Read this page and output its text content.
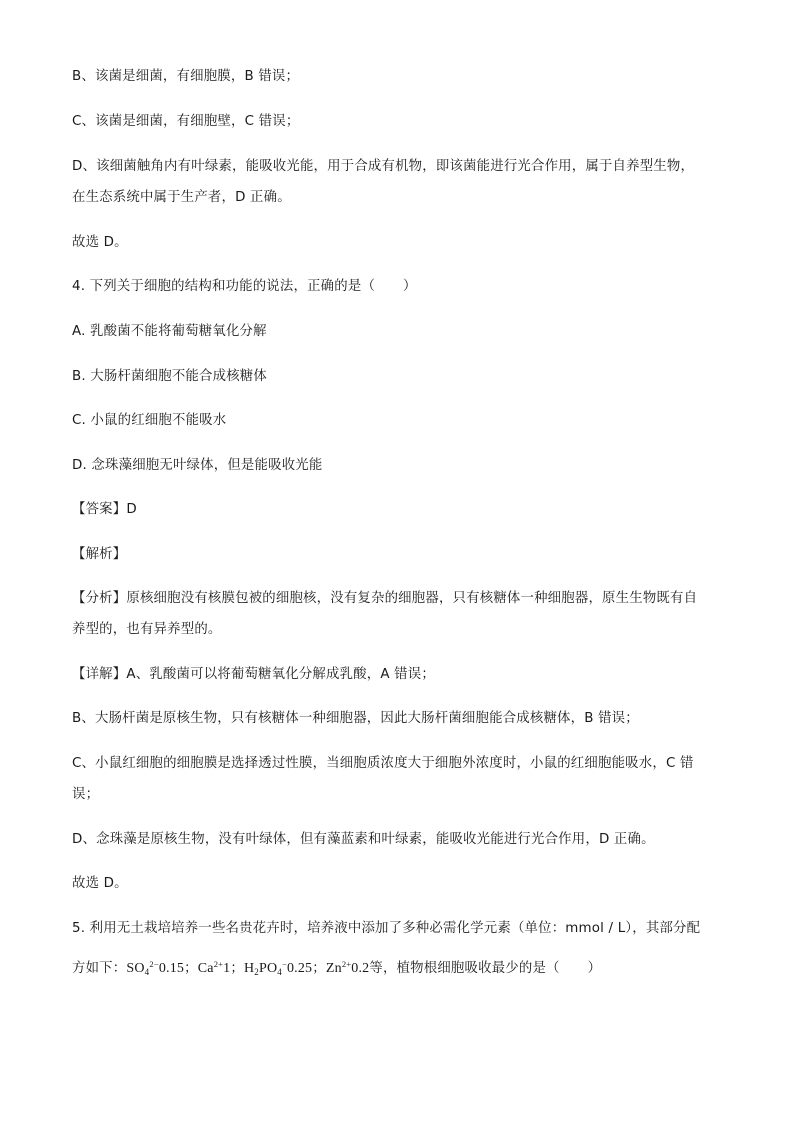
B、该菌是细菌，有细胞膜，B 错误；
C、该菌是细菌，有细胞壁，C 错误；
D、该细菌触角内有叶绿素，能吸收光能，用于合成有机物，即该菌能进行光合作用，属于自养型生物，
在生态系统中属于生产者，D 正确。
故选 D。
4. 下列关于细胞的结构和功能的说法，正确的是（ ）
A. 乳酸菌不能将葡萄糖氧化分解
B. 大肠杆菌细胞不能合成核糖体
C. 小鼠的红细胞不能吸水
D. 念珠藻细胞无叶绿体，但是能吸收光能
【答案】D
【解析】
【分析】原核细胞没有核膜包被的细胞核，没有复杂的细胞器，只有核糖体一种细胞器，原生生物既有自
养型的，也有异养型的。
【详解】A、乳酸菌可以将葡萄糖氧化分解成乳酸，A 错误；
B、大肠杆菌是原核生物，只有核糖体一种细胞器，因此大肠杆菌细胞能合成核糖体，B 错误；
C、小鼠红细胞的细胞膜是选择透过性膜，当细胞质浓度大于细胞外浓度时，小鼠的红细胞能吸水，C 错
误；
D、念珠藻是原核生物，没有叶绿体，但有藻蓝素和叶绿素，能吸收光能进行光合作用，D 正确。
故选 D。
5. 利用无土栽培培养一些名贵花卉时，培养液中添加了多种必需化学元素（单位：mmol / L），其部分配
方如下：$SO_4^{2-}0.15$；$Ca^{2+}1$；$H_2PO_4^-0.25$；$Zn^{2+}0.2$等，植物根细胞吸收最少的是（ ）
